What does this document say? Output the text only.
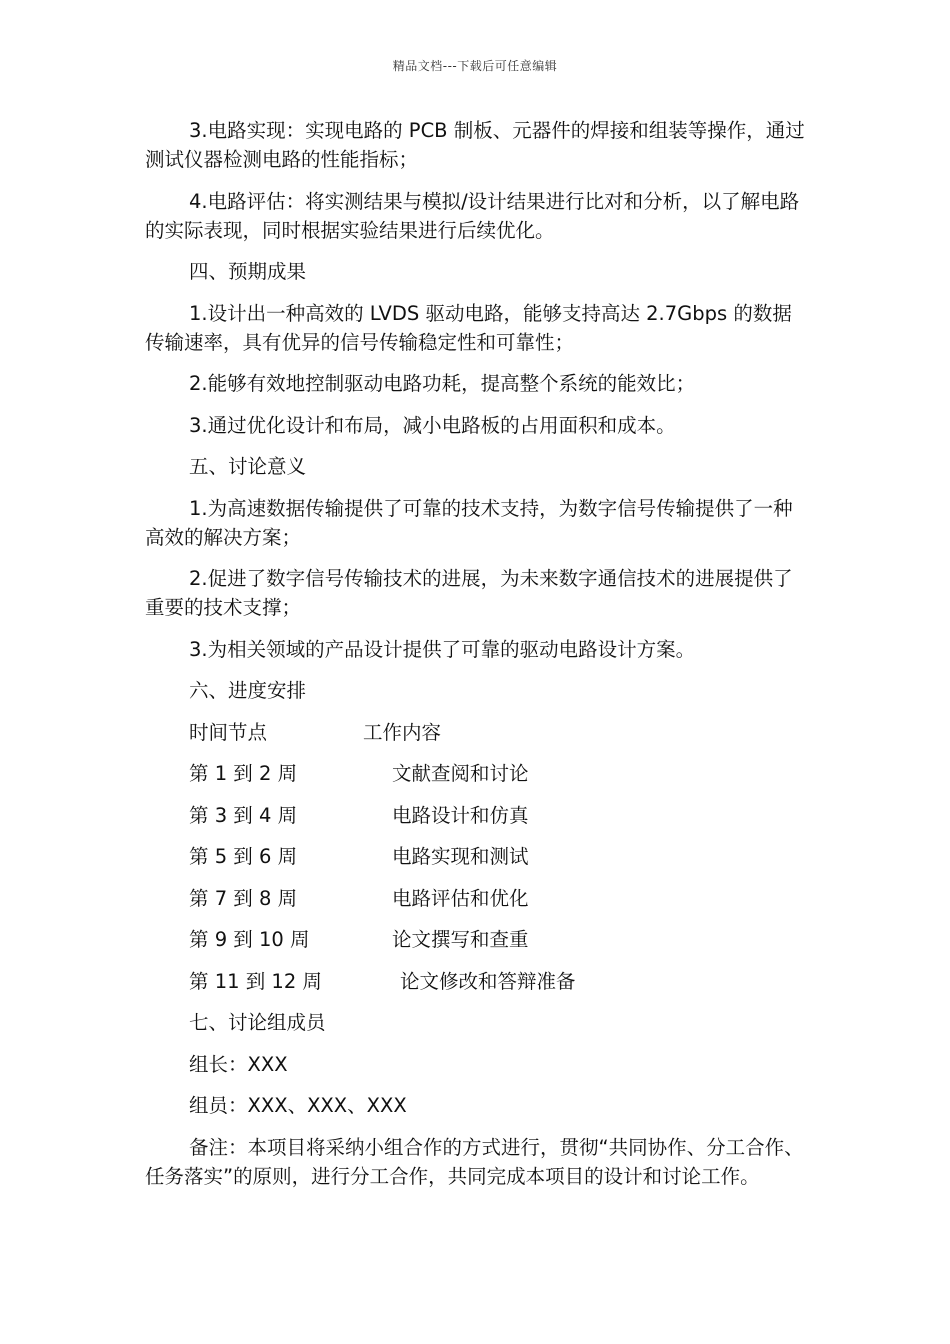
精品文档---下载后可任意编辑

3.电路实现：实现电路的 PCB 制板、元器件的焊接和组装等操作，通过测试仪器检测电路的性能指标；

4.电路评估：将实测结果与模拟/设计结果进行比对和分析，以了解电路的实际表现，同时根据实验结果进行后续优化。

四、预期成果

1.设计出一种高效的 LVDS 驱动电路，能够支持高达 2.7Gbps 的数据传输速率，具有优异的信号传输稳定性和可靠性；

2.能够有效地控制驱动电路功耗，提高整个系统的能效比；

3.通过优化设计和布局，减小电路板的占用面积和成本。

五、讨论意义

1.为高速数据传输提供了可靠的技术支持，为数字信号传输提供了一种高效的解决方案；

2.促进了数字信号传输技术的进展，为未来数字通信技术的进展提供了重要的技术支撑；

3.为相关领域的产品设计提供了可靠的驱动电路设计方案。

六、进度安排
时间节点	工作内容
第 1 到 2 周	文献查阅和讨论
第 3 到 4 周	电路设计和仿真
第 5 到 6 周	电路实现和测试
第 7 到 8 周	电路评估和优化
第 9 到 10 周	论文撰写和查重
第 11 到 12 周	论文修改和答辩准备
七、讨论组成员
组长：XXX
组员：XXX、XXX、XXX

备注：本项目将采纳小组合作的方式进行，贯彻“共同协作、分工合作、任务落实”的原则，进行分工合作，共同完成本项目的设计和讨论工作。
